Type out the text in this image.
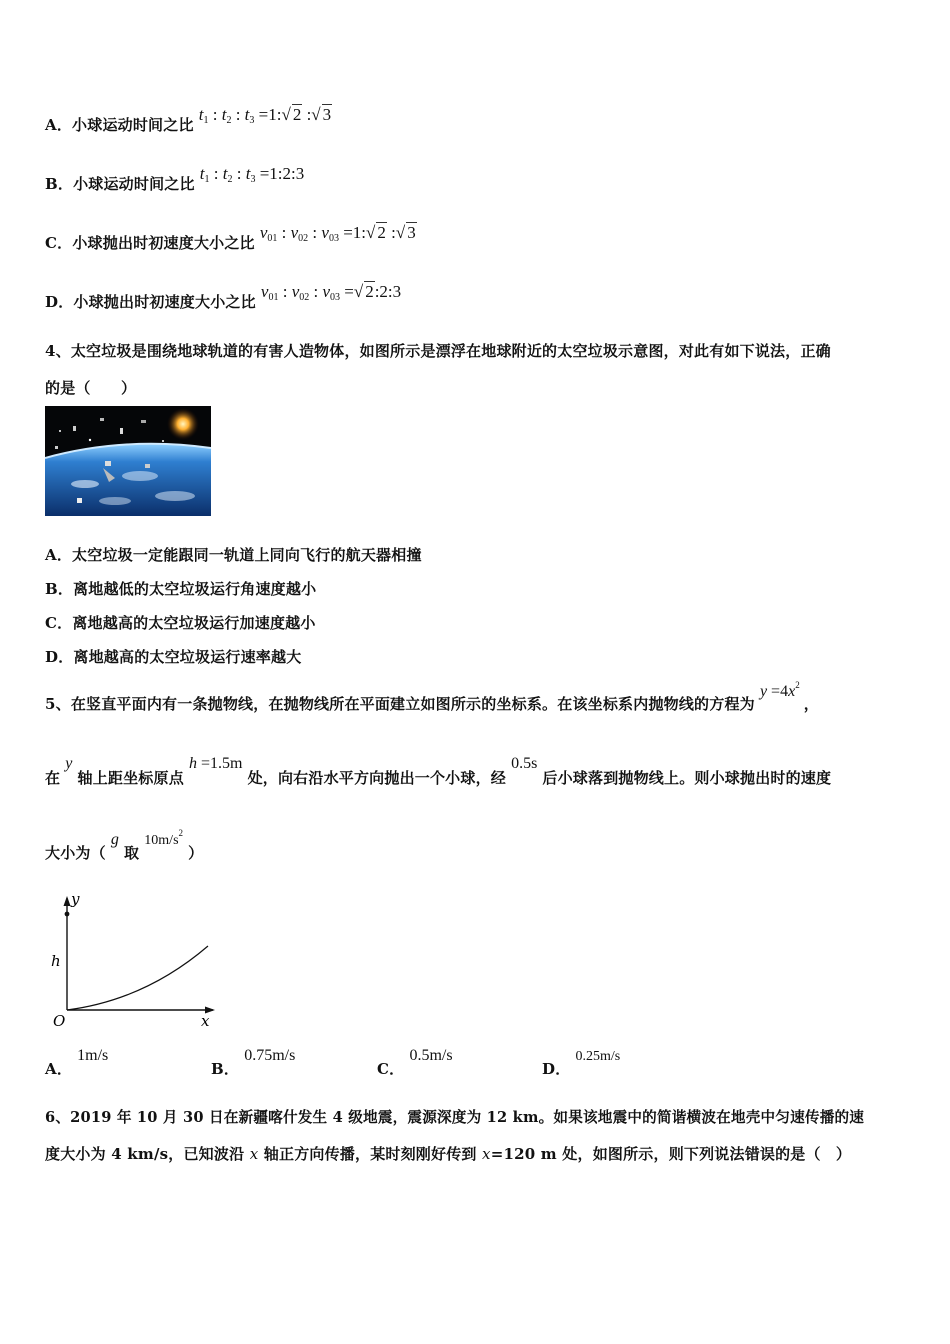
A．小球运动时间之比 $t_1$ : $t_2$ : $t_3$ =1:√ 2 :√ 3
B．小球运动时间之比 $t_1$ : $t_2$ : $t_3$ =1:2:3
C．小球抛出时初速度大小之比 $v_{01}$ : $v_{02}$ : $v_{03}$ =1:√ 2 :√ 3
D．小球抛出时初速度大小之比 $v_{01}$ : $v_{02}$ : $v_{03}$ =√ 2:2:3
4、太空垃圾是围绕地球轨道的有害人造物体，如图所示是漂浮在地球附近的太空垃圾示意图，对此有如下说法，正确
的是（　　）
A．太空垃圾一定能跟同一轨道上同向飞行的航天器相撞
B．离地越低的太空垃圾运行角速度越小
C．离地越高的太空垃圾运行加速度越小
D．离地越高的太空垃圾运行速率越大
5、在竖直平面内有一条抛物线，在抛物线所在平面建立如图所示的坐标系。在该坐标系内抛物线的方程为 $y =4x^2$ ，
在 y 轴上距坐标原点 h =1.5m 处，向右沿水平方向抛出一个小球，经 0.5s 后小球落到抛物线上。则小球抛出时的速度
大小为（ g 取 $10m/s^2$ ）
y
h
O	x
A． 1m/s
B． 0.75m/s
C． 0.5m/s
D． 0.25m/s
6、2019 年 10 月 30 日在新疆喀什发生 4 级地震，震源深度为 12 km。如果该地震中的简谐横波在地壳中匀速传播的速
度大小为 4 km/s，已知波沿 x 轴正方向传播，某时刻刚好传到 x=120 m 处，如图所示，则下列说法错误的是（　）
